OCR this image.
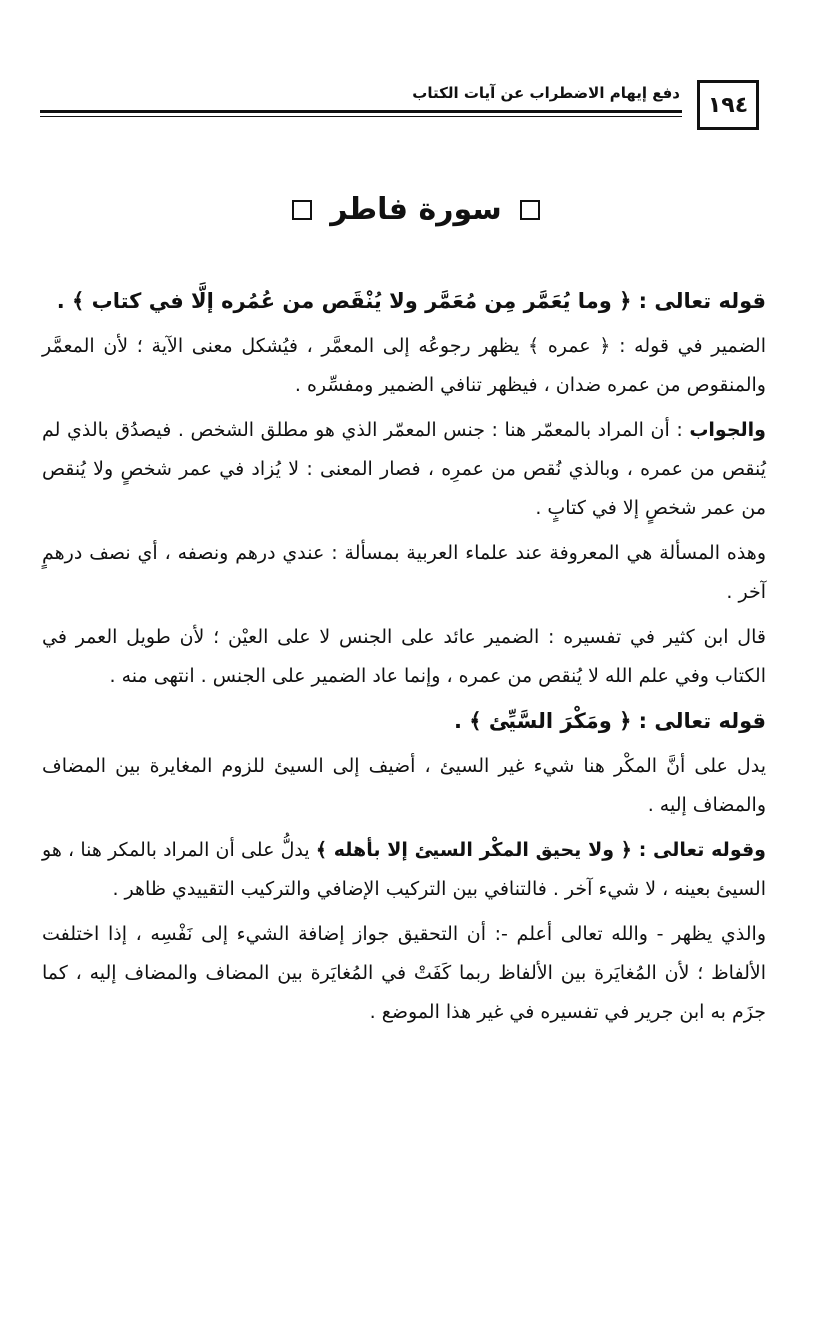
١٩٤
دفع إيهام الاضطراب عن آيات الكتاب
سورة فاطر

قوله تعالى : ﴿ وما يُعَمَّر مِن مُعَمَّر ولا يُنْقَص من عُمُره إلَّا في كتاب ﴾ .

الضمير في قوله : ﴿ عمره ﴾ يظهر رجوعُه إلى المعمَّر ، فيُشكل معنى الآية ؛ لأن المعمَّر والمنقوص من عمره ضدان ، فيظهر تنافي الضمير ومفسِّره .

والجواب : أن المراد بالمعمّر هنا : جنس المعمّر الذي هو مطلق الشخص . فيصدُق بالذي لم يُنقص من عمره ، وبالذي نُقص من عمرِه ، فصار المعنى : لا يُزاد في عمر شخصٍ ولا يُنقص من عمر شخصٍ إلا في كتابٍ .

وهذه المسألة هي المعروفة عند علماء العربية بمسألة : عندي درهم ونصفه ، أي نصف درهمٍ آخر .

قال ابن كثير في تفسيره : الضمير عائد على الجنس لا على العيْن ؛ لأن طويل العمر في الكتاب وفي علم الله لا يُنقص من عمره ، وإنما عاد الضمير على الجنس . انتهى منه .

قوله تعالى : ﴿ ومَكْرَ السَّيِّئ ﴾ .

يدل على أنَّ المكْر هنا شيء غير السيئ ، أضيف إلى السيئ للزوم المغايرة بين المضاف والمضاف إليه .

وقوله تعالى : ﴿ ولا يحيق المكْر السيئ إلا بأهله ﴾ يدلُّ على أن المراد بالمكر هنا ، هو السيئ بعينه ، لا شيء آخر . فالتنافي بين التركيب الإضافي والتركيب التقييدي ظاهر .

والذي يظهر - والله تعالى أعلم -: أن التحقيق جواز إضافة الشيء إلى نَفْسِه ، إذا اختلفت الألفاظ ؛ لأن المُغايَرة بين الألفاظ ربما كَفَتْ في المُغايَرة بين المضاف والمضاف إليه ، كما جزَم به ابن جرير في تفسيره في غير هذا الموضع .
